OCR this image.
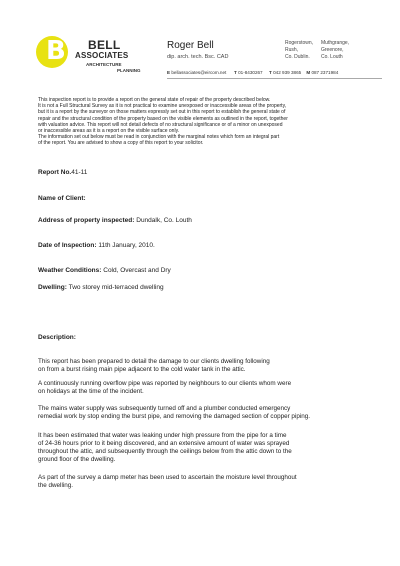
B BELL
ASSOCIATES
ARCHITECTURE
PLANNING
Roger Bell
dip. arch. tech. Bsc. CAD
Rogerstown,
Rush,
Co. Dublin.
Muthgrange,
Greenore,
Co. Louth
E bellassociates@eircom.net T 01-8430267 T 042 939 3865 M 087 2371984
This inspection report is to provide a report on the general state of repair of the property described below.
It is not a Full Structural Survey as it is not practical to examine unexposed or inaccessible areas of the property,
but it is a report by the surveyor on those matters expressly set out in this report to establish the general state of
repair and the structural condition of the property based on the visible elements as outlined in the report, together
with valuation advice. This report will not detail defects of no structural significance or of a minor on unexposed
or inaccessible areas as it is a report on the visible surface only.
The information set out below must be read in conjunction with the marginal notes which form an integral part
of the report. You are advised to show a copy of this report to your solicitor.
Report No.41-11
Name of Client:
Address of property inspected: Dundalk, Co. Louth
Date of Inspection: 11th January, 2010.
Weather Conditions: Cold, Overcast and Dry
Dwelling: Two storey mid-terraced dwelling
Description:
This report has been prepared to detail the damage to our clients dwelling following
on from a burst rising main pipe adjacent to the cold water tank in the attic.
A continuously running overflow pipe was reported by neighbours to our clients whom were
on holidays at the time of the incident.
The mains water supply was subsequently turned off and a plumber conducted emergency
remedial work by stop ending the burst pipe, and removing the damaged section of copper piping.
It has been estimated that water was leaking under high pressure from the pipe for a time
of 24-36 hours prior to it being discovered, and an extensive amount of water was sprayed
throughout the attic, and subsequently through the ceilings below from the attic down to the
ground floor of the dwelling.
As part of the survey a damp meter has been used to ascertain the moisture level throughout
the dwelling.
